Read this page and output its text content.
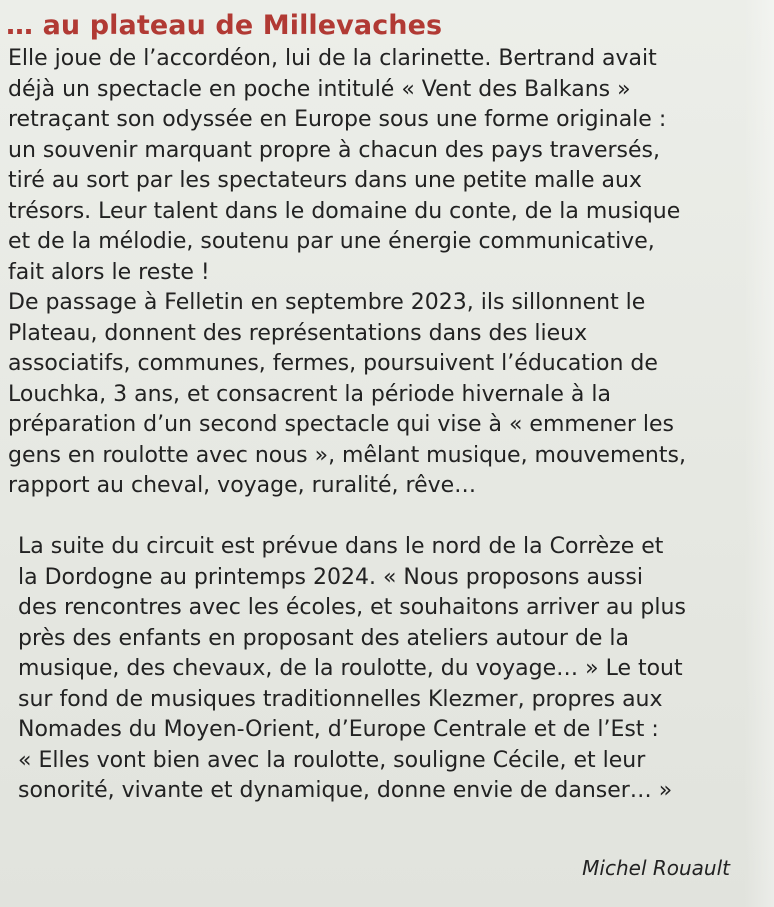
… au plateau de Millevaches

Elle joue de l’accordéon, lui de la clarinette. Bertrand avait
déjà un spectacle en poche intitulé « Vent des Balkans »
retraçant son odyssée en Europe sous une forme originale :
un souvenir marquant propre à chacun des pays traversés,
tiré au sort par les spectateurs dans une petite malle aux
trésors. Leur talent dans le domaine du conte, de la musique
et de la mélodie, soutenu par une énergie communicative,
fait alors le reste !

De passage à Felletin en septembre 2023, ils sillonnent le
Plateau, donnent des représentations dans des lieux
associatifs, communes, fermes, poursuivent l’éducation de
Louchka, 3 ans, et consacrent la période hivernale à la
préparation d’un second spectacle qui vise à « emmener les
gens en roulotte avec nous », mêlant musique, mouvements,
rapport au cheval, voyage, ruralité, rêve…

La suite du circuit est prévue dans le nord de la Corrèze et
la Dordogne au printemps 2024. « Nous proposons aussi
des rencontres avec les écoles, et souhaitons arriver au plus
près des enfants en proposant des ateliers autour de la
musique, des chevaux, de la roulotte, du voyage… » Le tout
sur fond de musiques traditionnelles Klezmer, propres aux
Nomades du Moyen-Orient, d’Europe Centrale et de l’Est :
« Elles vont bien avec la roulotte, souligne Cécile, et leur
sonorité, vivante et dynamique, donne envie de danser… »

Michel Rouault
